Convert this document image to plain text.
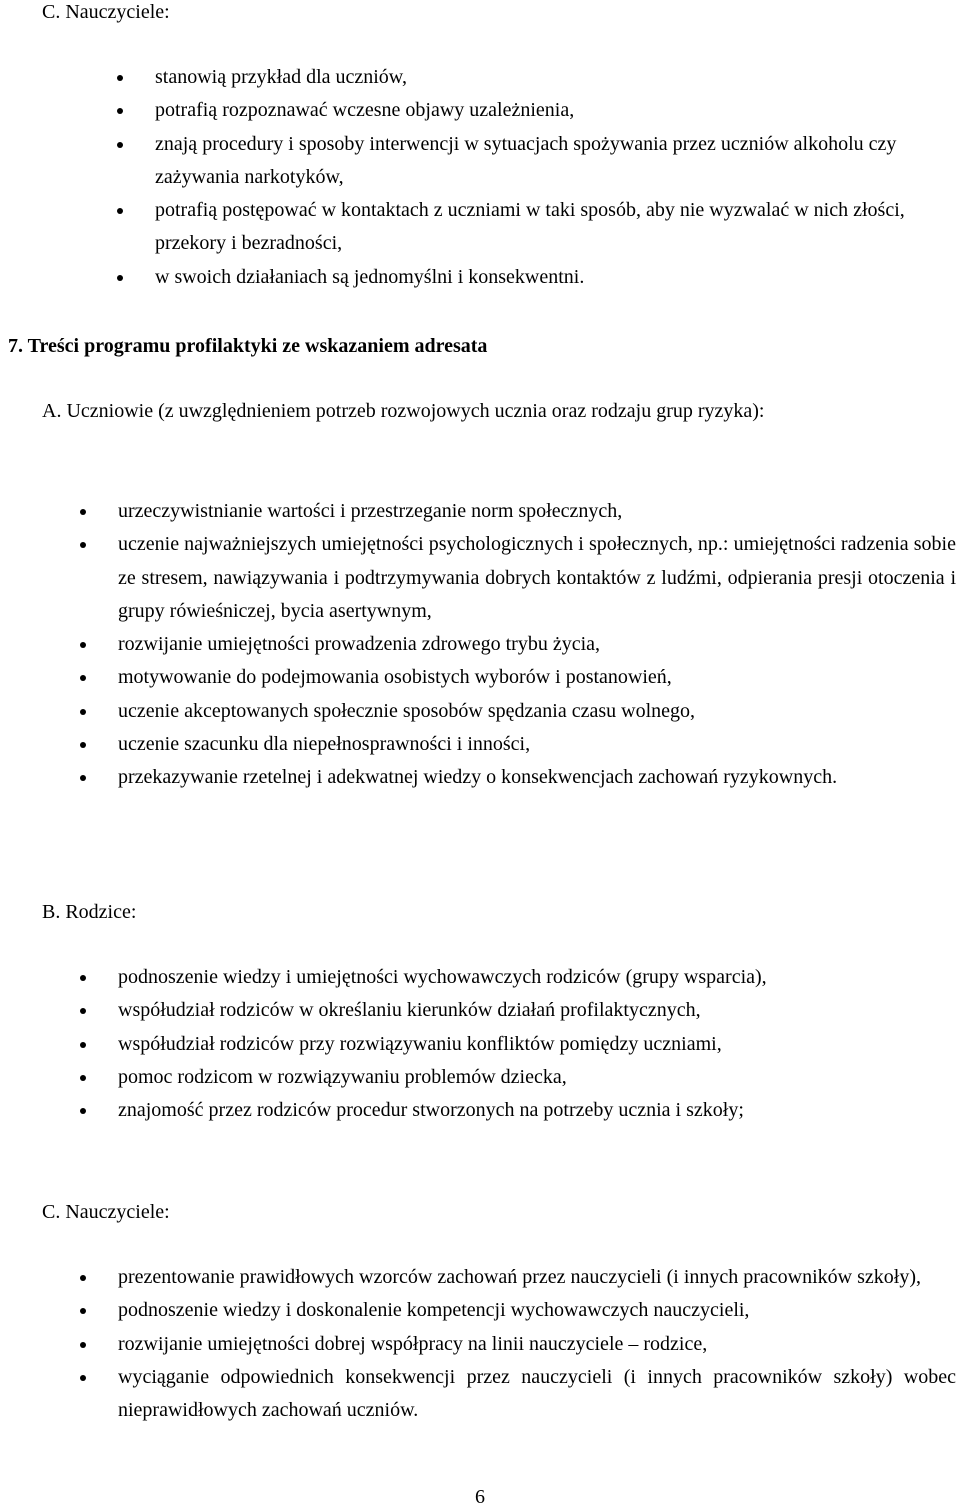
C. Nauczyciele:
stanowią przykład dla uczniów,
potrafią rozpoznawać wczesne objawy uzależnienia,
znają procedury i sposoby interwencji w sytuacjach spożywania przez uczniów alkoholu czy zażywania narkotyków,
potrafią postępować w kontaktach z uczniami w taki sposób, aby nie wyzwalać w nich złości, przekory i bezradności,
w swoich działaniach są jednomyślni i konsekwentni.
7. Treści programu profilaktyki ze wskazaniem adresata

A. Uczniowie (z uwzględnieniem potrzeb rozwojowych ucznia oraz rodzaju grup ryzyka):

urzeczywistnianie wartości i przestrzeganie norm społecznych,
uczenie najważniejszych umiejętności psychologicznych i społecznych, np.: umiejętności radzenia sobie ze stresem, nawiązywania i podtrzymywania dobrych kontaktów z ludźmi, odpierania presji otoczenia i grupy rówieśniczej, bycia asertywnym,
rozwijanie umiejętności prowadzenia zdrowego trybu życia,
motywowanie do podejmowania osobistych wyborów i postanowień,
uczenie akceptowanych społecznie sposobów spędzania czasu wolnego,
uczenie szacunku dla niepełnosprawności i inności,
przekazywanie rzetelnej i adekwatnej wiedzy o konsekwencjach zachowań ryzykownych.
B. Rodzice:
podnoszenie wiedzy i umiejętności wychowawczych rodziców (grupy wsparcia),
współudział rodziców w określaniu kierunków działań profilaktycznych,
współudział rodziców przy rozwiązywaniu konfliktów pomiędzy uczniami,
pomoc rodzicom w rozwiązywaniu problemów dziecka,
znajomość przez rodziców procedur stworzonych na potrzeby ucznia i szkoły;
C. Nauczyciele:
prezentowanie prawidłowych wzorców zachowań przez nauczycieli (i innych pracowników szkoły),
podnoszenie wiedzy i doskonalenie kompetencji wychowawczych nauczycieli,
rozwijanie umiejętności dobrej współpracy na linii nauczyciele – rodzice,
wyciąganie odpowiednich konsekwencji przez nauczycieli (i innych pracowników szkoły) wobec nieprawidłowych zachowań uczniów.
6
